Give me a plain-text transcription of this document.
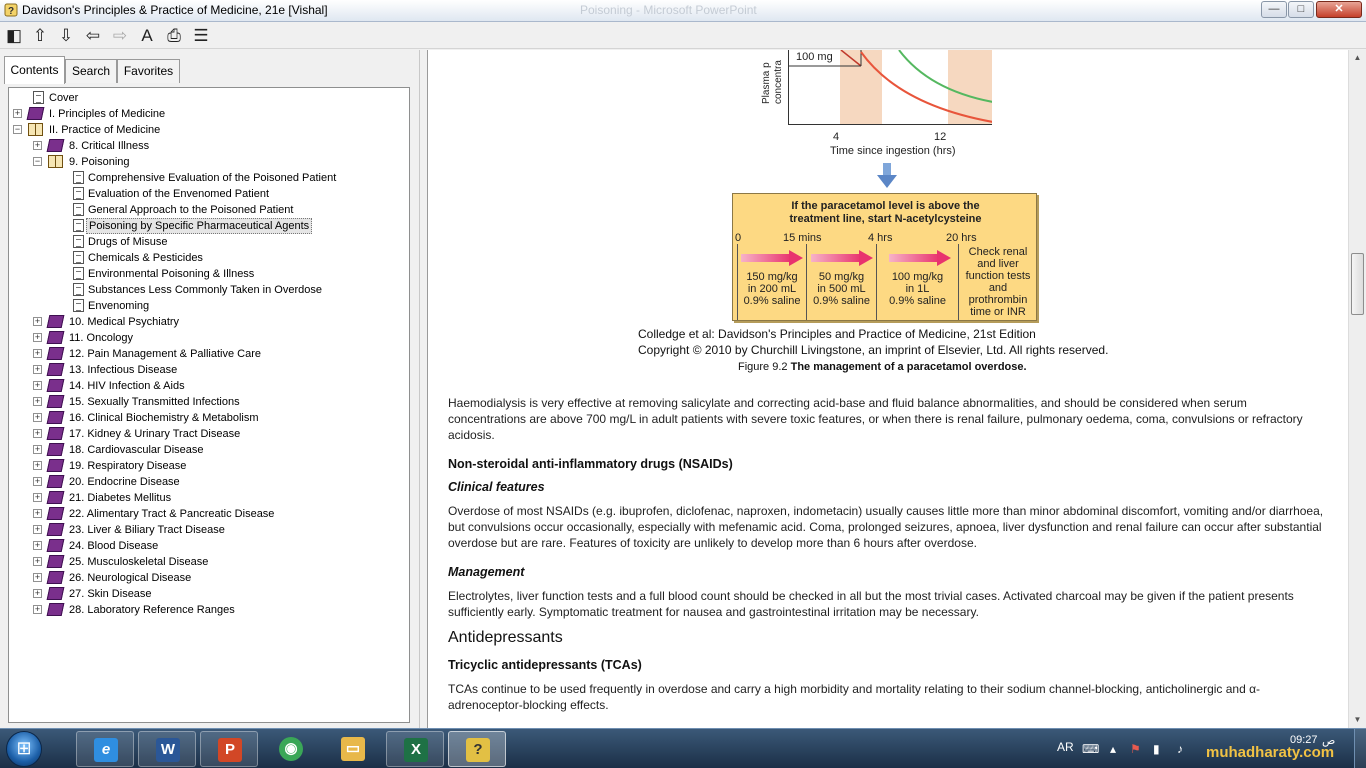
? Davidson's Principles & Practice of Medicine, 21e [Vishal]	Poisoning - Microsoft PowerPoint	—	□	✕
◧ ⇧ ⇩ ⇦ ⇨ A ⎙ ☰
Contents	Search	Favorites
Cover
+	I. Principles of Medicine
−	II. Practice of Medicine
+	8. Critical Illness
−	9. Poisoning
Comprehensive Evaluation of the Poisoned Patient
Evaluation of the Envenomed Patient
General Approach to the Poisoned Patient
Poisoning by Specific Pharmaceutical Agents
Drugs of Misuse
Chemicals & Pesticides
Environmental Poisoning & Illness
Substances Less Commonly Taken in Overdose
Envenoming
+	10. Medical Psychiatry
+	11. Oncology
+	12. Pain Management & Palliative Care
+	13. Infectious Disease
+	14. HIV Infection & Aids
+	15. Sexually Transmitted Infections
+	16. Clinical Biochemistry & Metabolism
+	17. Kidney & Urinary Tract Disease
+	18. Cardiovascular Disease
+	19. Respiratory Disease
+	20. Endocrine Disease
+	21. Diabetes Mellitus
+	22. Alimentary Tract & Pancreatic Disease
+	23. Liver & Biliary Tract Disease
+	24. Blood Disease
+	25. Musculoskeletal Disease
+	26. Neurological Disease
+	27. Skin Disease
+	28. Laboratory Reference Ranges
Plasma p concentra
100 mg
4	12
Time since ingestion (hrs)
If the paracetamol level is above the
treatment line, start N-acetylcysteine
0	15 mins	4 hrs	20 hrs
150 mg/kg
in 200 mL
0.9% saline
50 mg/kg
in 500 mL
0.9% saline
100 mg/kg
in 1L
0.9% saline
Check renal
and liver
function tests
and
prothrombin
time or INR
Colledge et al: Davidson's Principles and Practice of Medicine, 21st Edition
Copyright © 2010 by Churchill Livingstone, an imprint of Elsevier, Ltd. All rights reserved.
Figure 9.2 The management of a paracetamol overdose.
Haemodialysis is very effective at removing salicylate and correcting acid-base and fluid balance abnormalities, and should be considered when serum concentrations are above 700 mg/L in adult patients with severe toxic features, or when there is renal failure, pulmonary oedema, coma, convulsions or refractory acidosis.
Non-steroidal anti-inflammatory drugs (NSAIDs)
Clinical features
Overdose of most NSAIDs (e.g. ibuprofen, diclofenac, naproxen, indometacin) usually causes little more than minor abdominal discomfort, vomiting and/or diarrhoea, but convulsions occur occasionally, especially with mefenamic acid. Coma, prolonged seizures, apnoea, liver dysfunction and renal failure can occur after substantial overdose but are rare. Features of toxicity are unlikely to develop more than 6 hours after overdose.
Management
Electrolytes, liver function tests and a full blood count should be checked in all but the most trivial cases. Activated charcoal may be given if the patient presents sufficiently early. Symptomatic treatment for nausea and gastrointestinal irritation may be necessary.
Antidepressants
Tricyclic antidepressants (TCAs)
TCAs continue to be used frequently in overdose and carry a high morbidity and mortality relating to their sodium channel-blocking, anticholinergic and α-adrenoceptor-blocking effects.
▲
▼
⊞	e	W	P	◉	▭	X	?	AR ⌨ ▴ ⚑ ▮ ♪
09:27 ص
muhadharaty.com
